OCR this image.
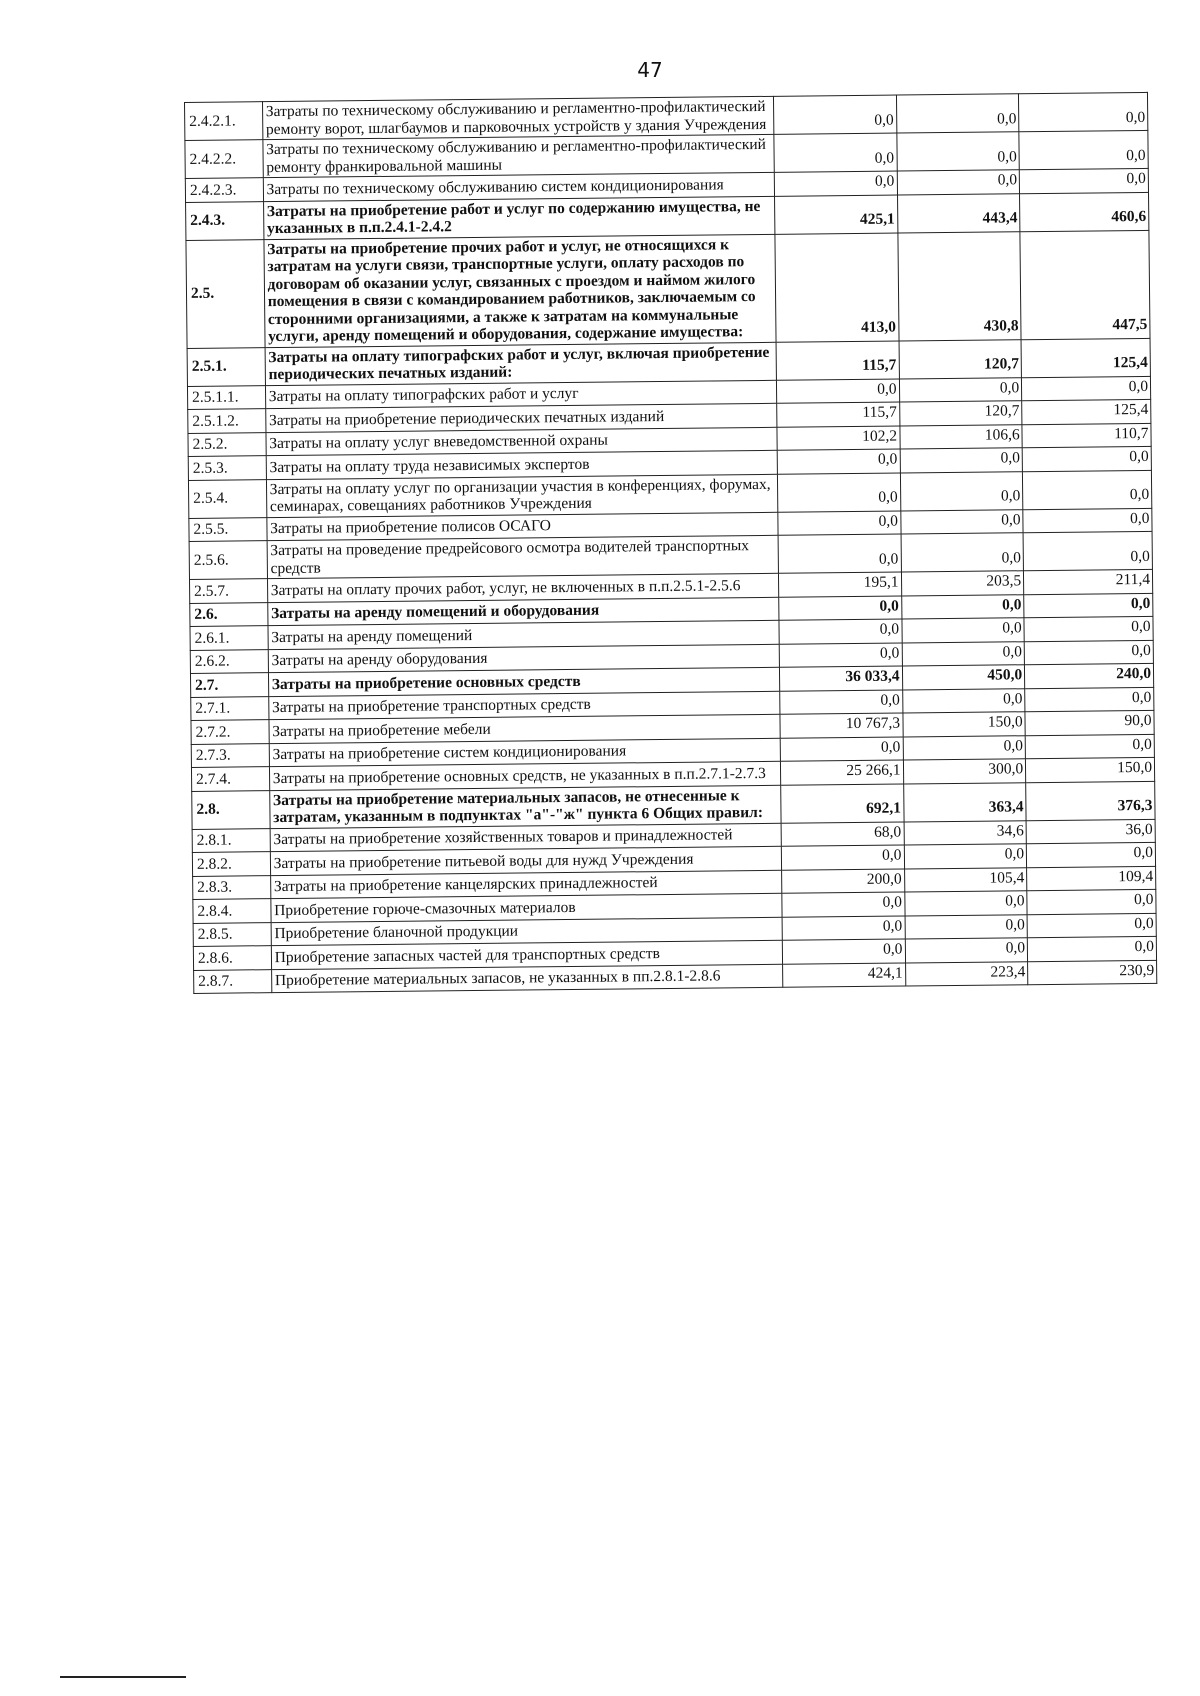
47
2.4.2.1.	Затраты по техническому обслуживанию и регламентно-профилактический ремонту ворот, шлагбаумов и парковочных устройств у здания Учреждения	0,0	0,0	0,0
2.4.2.2.	Затраты по техническому обслуживанию и регламентно-профилактический ремонту франкировальной машины	0,0	0,0	0,0
2.4.2.3.	Затраты по техническому обслуживанию систем кондиционирования	0,0	0,0	0,0
2.4.3.	Затраты на приобретение работ и услуг по содержанию имущества, не указанных в п.п.2.4.1-2.4.2	425,1	443,4	460,6
2.5.	Затраты на приобретение прочих работ и услуг, не относящихся к затратам на услуги связи, транспортные услуги, оплату расходов по договорам об оказании услуг, связанных с проездом и наймом жилого помещения в связи с командированием работников, заключаемым со сторонними организациями, а также к затратам на коммунальные услуги, аренду помещений и оборудования, содержание имущества:	413,0	430,8	447,5
2.5.1.	Затраты на оплату типографских работ и услуг, включая приобретение периодических печатных изданий:	115,7	120,7	125,4
2.5.1.1.	Затраты на оплату типографских работ и услуг	0,0	0,0	0,0
2.5.1.2.	Затраты на приобретение периодических печатных изданий	115,7	120,7	125,4
2.5.2.	Затраты на оплату услуг вневедомственной охраны	102,2	106,6	110,7
2.5.3.	Затраты на оплату труда независимых экспертов	0,0	0,0	0,0
2.5.4.	Затраты на оплату услуг по организации участия в конференциях, форумах, семинарах, совещаниях работников Учреждения	0,0	0,0	0,0
2.5.5.	Затраты на приобретение полисов ОСАГО	0,0	0,0	0,0
2.5.6.	Затраты на проведение предрейсового осмотра водителей транспортных средств	0,0	0,0	0,0
2.5.7.	Затраты на оплату прочих работ, услуг, не включенных в п.п.2.5.1-2.5.6	195,1	203,5	211,4
2.6.	Затраты на аренду помещений и оборудования	0,0	0,0	0,0
2.6.1.	Затраты на аренду помещений	0,0	0,0	0,0
2.6.2.	Затраты на аренду оборудования	0,0	0,0	0,0
2.7.	Затраты на приобретение основных средств	36 033,4	450,0	240,0
2.7.1.	Затраты на приобретение транспортных средств	0,0	0,0	0,0
2.7.2.	Затраты на приобретение мебели	10 767,3	150,0	90,0
2.7.3.	Затраты на приобретение систем кондиционирования	0,0	0,0	0,0
2.7.4.	Затраты на приобретение основных средств, не указанных в п.п.2.7.1-2.7.3	25 266,1	300,0	150,0
2.8.	Затраты на приобретение материальных запасов, не отнесенные к затратам, указанным в подпунктах "а"-"ж" пункта 6 Общих правил:	692,1	363,4	376,3
2.8.1.	Затраты на приобретение хозяйственных товаров и принадлежностей	68,0	34,6	36,0
2.8.2.	Затраты на приобретение питьевой воды для нужд Учреждения	0,0	0,0	0,0
2.8.3.	Затраты на приобретение канцелярских принадлежностей	200,0	105,4	109,4
2.8.4.	Приобретение горюче-смазочных материалов	0,0	0,0	0,0
2.8.5.	Приобретение бланочной продукции	0,0	0,0	0,0
2.8.6.	Приобретение запасных частей для транспортных средств	0,0	0,0	0,0
2.8.7.	Приобретение материальных запасов, не указанных в пп.2.8.1-2.8.6	424,1	223,4	230,9
